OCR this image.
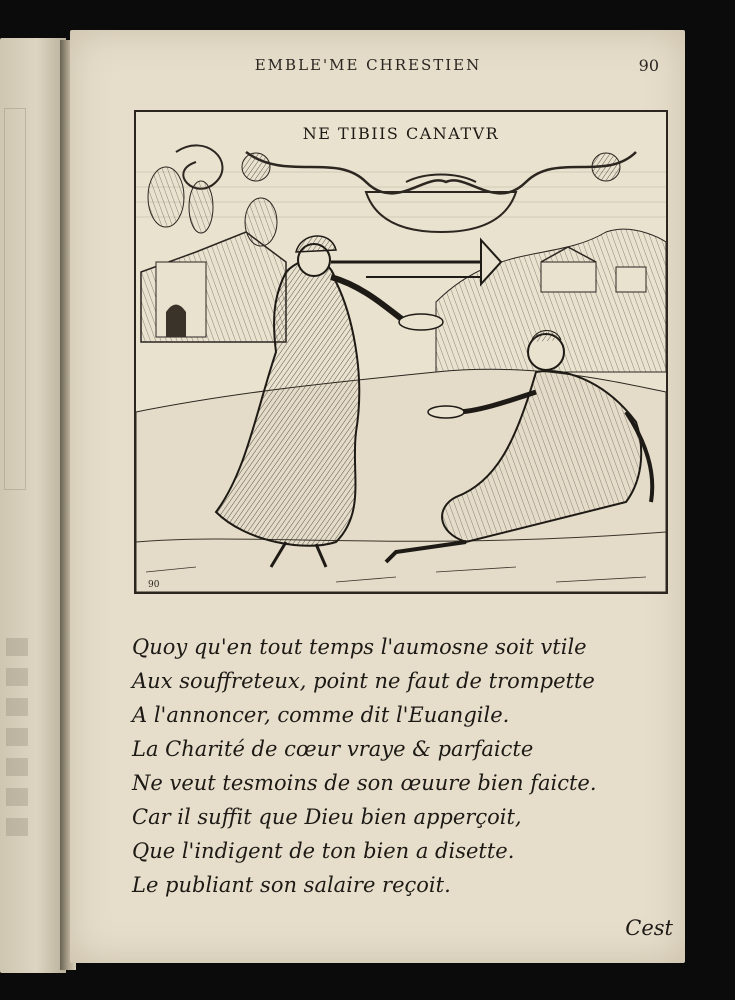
EMBLE'ME CHRESTIEN	90
NE TIBIIS CANATVR
90
Quoy qu'en tout temps l'aumosne soit vtile
Aux souffreteux, point ne faut de trompette
A l'annoncer, comme dit l'Euangile.
La Charité de cœur vraye & parfaicte
Ne veut tesmoins de son œuure bien faicte.
Car il suffit que Dieu bien apperçoit,
Que l'indigent de ton bien a disette.
Le publiant son salaire reçoit.
Cest
